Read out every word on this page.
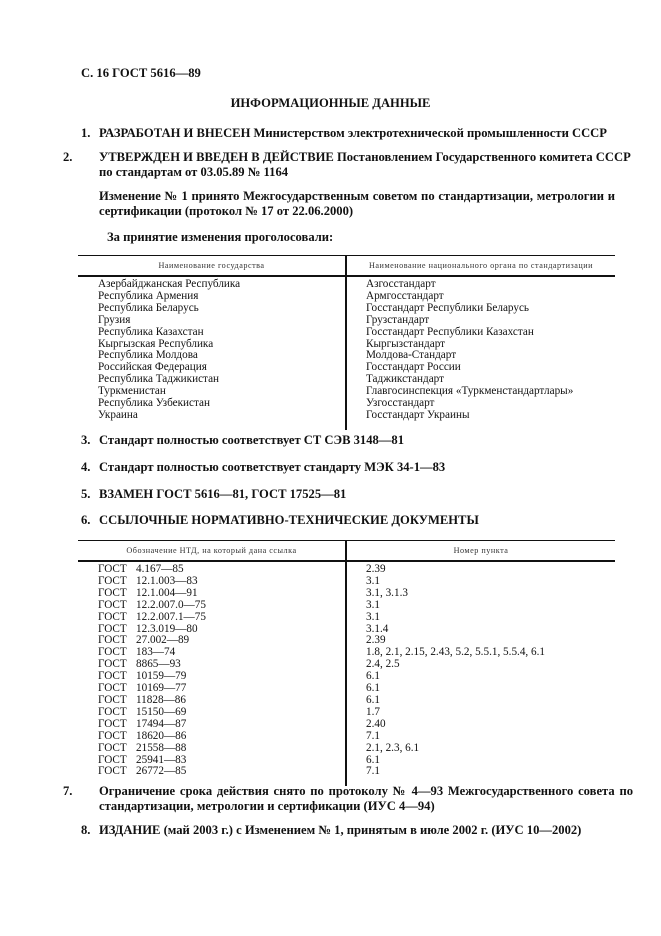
С. 16 ГОСТ 5616—89
ИНФОРМАЦИОННЫЕ ДАННЫЕ
1. РАЗРАБОТАН И ВНЕСЕН Министерством электротехнической промышленности СССР
2. УТВЕРЖДЕН И ВВЕДЕН В ДЕЙСТВИЕ Постановлением Государственного комитета СССР по стандартам от 03.05.89 № 1164
Изменение № 1 принято Межгосударственным советом по стандартизации, метрологии и сертификации (протокол № 17 от 22.06.2000)
За принятие изменения проголосовали:
Наименование государства	Наименование национального органа по стандартизации
Азербайджанская Республика	Азгосстандарт
Республика Армения	Армгосстандарт
Республика Беларусь	Госстандарт Республики Беларусь
Грузия	Грузстандарт
Республика Казахстан	Госстандарт Республики Казахстан
Кыргызская Республика	Кыргызстандарт
Республика Молдова	Молдова-Стандарт
Российская Федерация	Госстандарт России
Республика Таджикистан	Таджикстандарт
Туркменистан	Главгосинспекция «Туркменстандартлары»
Республика Узбекистан	Узгосстандарт
Украина	Госстандарт Украины
3. Стандарт полностью соответствует СТ СЭВ 3148—81
4. Стандарт полностью соответствует стандарту МЭК 34-1—83
5. ВЗАМЕН ГОСТ 5616—81, ГОСТ 17525—81
6. ССЫЛОЧНЫЕ НОРМАТИВНО-ТЕХНИЧЕСКИЕ ДОКУМЕНТЫ
Обозначение НТД, на который дана ссылка	Номер пункта
ГОСТ 4.167—85	2.39
ГОСТ 12.1.003—83	3.1
ГОСТ 12.1.004—91	3.1, 3.1.3
ГОСТ 12.2.007.0—75	3.1
ГОСТ 12.2.007.1—75	3.1
ГОСТ 12.3.019—80	3.1.4
ГОСТ 27.002—89	2.39
ГОСТ 183—74	1.8, 2.1, 2.15, 2.43, 5.2, 5.5.1, 5.5.4, 6.1
ГОСТ 8865—93	2.4, 2.5
ГОСТ 10159—79	6.1
ГОСТ 10169—77	6.1
ГОСТ 11828—86	6.1
ГОСТ 15150—69	1.7
ГОСТ 17494—87	2.40
ГОСТ 18620—86	7.1
ГОСТ 21558—88	2.1, 2.3, 6.1
ГОСТ 25941—83	6.1
ГОСТ 26772—85	7.1
7. Ограничение срока действия снято по протоколу № 4—93 Межгосударственного совета по стандартизации, метрологии и сертификации (ИУС 4—94)
8. ИЗДАНИЕ (май 2003 г.) с Изменением № 1, принятым в июле 2002 г. (ИУС 10—2002)
